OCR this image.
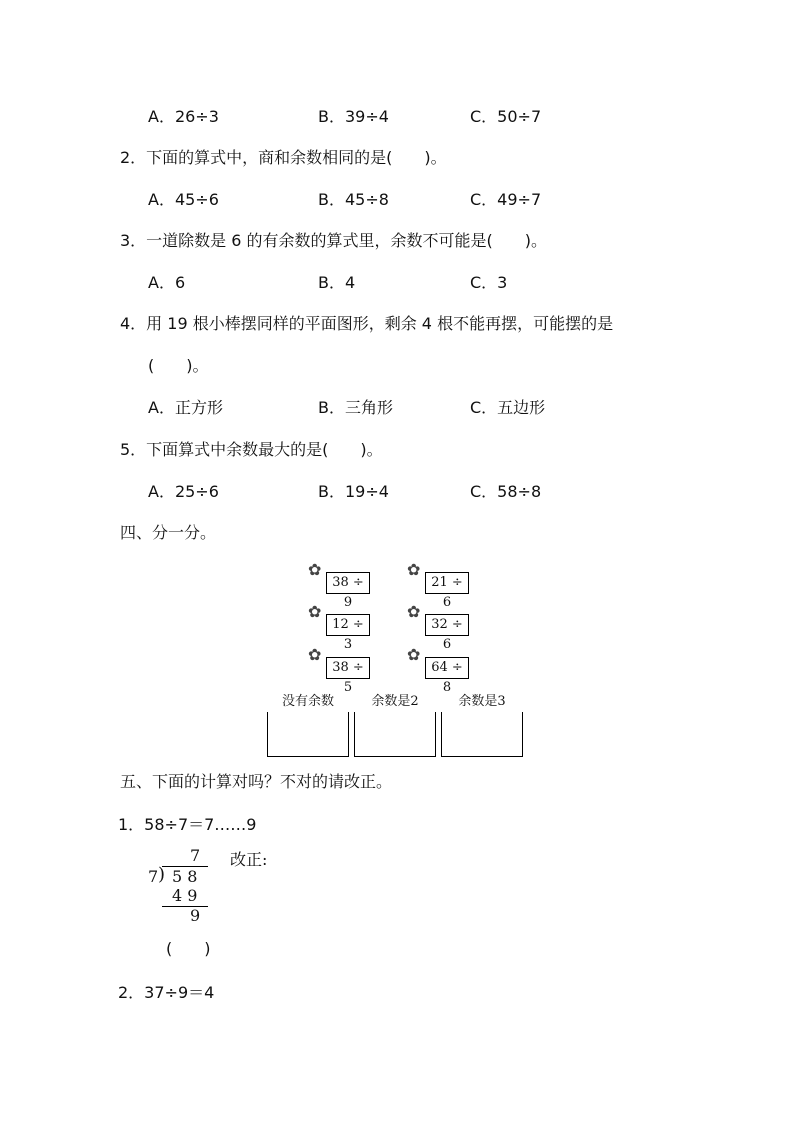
A．26÷3	B．39÷4	C．50÷7
2．下面的算式中，商和余数相同的是(　　)。
A．45÷6	B．45÷8	C．49÷7
3．一道除数是 6 的有余数的算式里，余数不可能是(　　)。
A．6	B．4	C．3
4．用 19 根小棒摆同样的平面图形，剩余 4 根不能再摆，可能摆的是
(　　)。
A．正方形	B．三角形	C．五边形
5．下面算式中余数最大的是(　　)。
A．25÷6	B．19÷4	C．58÷8
四、分一分。
✿
38 ÷ 9
✿
21 ÷ 6
✿
12 ÷ 3
✿
32 ÷ 6
✿
38 ÷ 5
✿
64 ÷ 8
没有余数	余数是2	余数是3
五、下面的计算对吗？不对的请改正。
1．58÷7＝7……9
7
7 ) 5 8
4 9
9
改正:
(　　)
2．37÷9＝4
